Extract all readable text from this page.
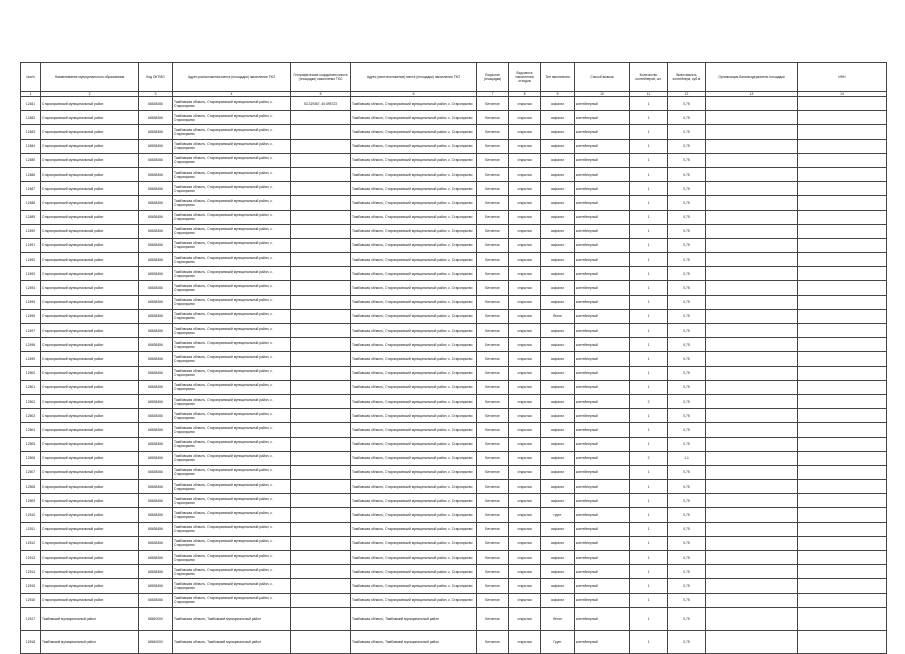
№п/п	Наименование муниципального образования	Код ОКТМО	Адрес расположения места (площадки) накопления ТКО	Географические координаты места (площадки) накопления ТКО	Адрес (местоположение) места (площадки) накопления ТКО	Покрытие (площадки)	Вид места накопления отходов	Тип накопления	Способ вывоза	Количество контейнеров, шт.	Вместимость контейнера, куб.м	Организация-балансодержатель площадки	ИНН
1	2	3	4	5	6	7	8	9	10	11	12	13	14
12481	Староюрьевский муниципальный район	68638456	Тамбовская область, Староюрьевский муниципальный район, с. Староюрьево	53.319367, 40.695723	Тамбовская область, Староюрьевский муниципальный район, с. Староюрьево	Бетонное	открытая	асфальт	контейнерный	1	0,75		
12482	Староюрьевский муниципальный район	68638456	Тамбовская область, Староюрьевский муниципальный район, с. Староюрьево		Тамбовская область, Староюрьевский муниципальный район, с. Староюрьево	Бетонное	открытая	асфальт	контейнерный	1	0,75		
12483	Староюрьевский муниципальный район	68638456	Тамбовская область, Староюрьевский муниципальный район, с. Староюрьево		Тамбовская область, Староюрьевский муниципальный район, с. Староюрьево	Бетонное	открытая	асфальт	контейнерный	1	0,75		
12484	Староюрьевский муниципальный район	68638456	Тамбовская область, Староюрьевский муниципальный район, с. Староюрьево		Тамбовская область, Староюрьевский муниципальный район, с. Староюрьево	Бетонное	открытая	асфальт	контейнерный	1	0,75		
12485	Староюрьевский муниципальный район	68638456	Тамбовская область, Староюрьевский муниципальный район, с. Староюрьево		Тамбовская область, Староюрьевский муниципальный район, с. Староюрьево	Бетонное	открытая	асфальт	контейнерный	1	0,75		
12486	Староюрьевский муниципальный район	68638456	Тамбовская область, Староюрьевский муниципальный район, с. Староюрьево		Тамбовская область, Староюрьевский муниципальный район, с. Староюрьево	Бетонное	открытая	асфальт	контейнерный	1	0,75		
12487	Староюрьевский муниципальный район	68638456	Тамбовская область, Староюрьевский муниципальный район, с. Староюрьево		Тамбовская область, Староюрьевский муниципальный район, с. Староюрьево	Бетонное	открытая	асфальт	контейнерный	1	0,75		
12488	Староюрьевский муниципальный район	68638456	Тамбовская область, Староюрьевский муниципальный район, с. Староюрьево		Тамбовская область, Староюрьевский муниципальный район, с. Староюрьево	Бетонное	открытая	асфальт	контейнерный	1	0,75		
12489	Староюрьевский муниципальный район	68638456	Тамбовская область, Староюрьевский муниципальный район, с. Староюрьево		Тамбовская область, Староюрьевский муниципальный район, с. Староюрьево	Бетонное	открытая	асфальт	контейнерный	1	0,75		
12490	Староюрьевский муниципальный район	68638456	Тамбовская область, Староюрьевский муниципальный район, с. Староюрьево		Тамбовская область, Староюрьевский муниципальный район, с. Староюрьево	Бетонное	открытая	асфальт	контейнерный	1	0,75		
12491	Староюрьевский муниципальный район	68638456	Тамбовская область, Староюрьевский муниципальный район, с. Староюрьево		Тамбовская область, Староюрьевский муниципальный район, с. Староюрьево	Бетонное	открытая	асфальт	контейнерный	1	0,75		
12492	Староюрьевский муниципальный район	68638456	Тамбовская область, Староюрьевский муниципальный район, с. Староюрьево		Тамбовская область, Староюрьевский муниципальный район, с. Староюрьево	Бетонное	открытая	асфальт	контейнерный	1	0,75		
12493	Староюрьевский муниципальный район	68638456	Тамбовская область, Староюрьевский муниципальный район, с. Староюрьево		Тамбовская область, Староюрьевский муниципальный район, с. Староюрьево	Бетонное	открытая	асфальт	контейнерный	1	0,75		
12494	Староюрьевский муниципальный район	68638456	Тамбовская область, Староюрьевский муниципальный район, с. Староюрьево		Тамбовская область, Староюрьевский муниципальный район, с. Староюрьево	Бетонное	открытая	асфальт	контейнерный	1	0,75		
12495	Староюрьевский муниципальный район	68638456	Тамбовская область, Староюрьевский муниципальный район, с. Староюрьево		Тамбовская область, Староюрьевский муниципальный район, с. Староюрьево	Бетонное	открытая	асфальт	контейнерный	1	0,75		
12496	Староюрьевский муниципальный район	68638456	Тамбовская область, Староюрьевский муниципальный район, с. Староюрьево		Тамбовская область, Староюрьевский муниципальный район, с. Староюрьево	Бетонное	открытая	бетон	контейнерный	1	0,75		
12497	Староюрьевский муниципальный район	68638456	Тамбовская область, Староюрьевский муниципальный район, с. Староюрьево		Тамбовская область, Староюрьевский муниципальный район, с. Староюрьево	Бетонное	открытая	асфальт	контейнерный	1	0,75		
12498	Староюрьевский муниципальный район	68638456	Тамбовская область, Староюрьевский муниципальный район, с. Староюрьево		Тамбовская область, Староюрьевский муниципальный район, с. Староюрьево	Бетонное	открытая	асфальт	контейнерный	1	0,75		
12499	Староюрьевский муниципальный район	68638456	Тамбовская область, Староюрьевский муниципальный район, с. Староюрьево		Тамбовская область, Староюрьевский муниципальный район, с. Староюрьево	Бетонное	открытая	асфальт	контейнерный	1	0,75		
12500	Староюрьевский муниципальный район	68638456	Тамбовская область, Староюрьевский муниципальный район, с. Староюрьево		Тамбовская область, Староюрьевский муниципальный район, с. Староюрьево	Бетонное	открытая	асфальт	контейнерный	1	0,75		
12501	Староюрьевский муниципальный район	68638456	Тамбовская область, Староюрьевский муниципальный район, с. Староюрьево		Тамбовская область, Староюрьевский муниципальный район, с. Староюрьево	Бетонное	открытая	асфальт	контейнерный	1	0,75		
12502	Староюрьевский муниципальный район	68638456	Тамбовская область, Староюрьевский муниципальный район, с. Староюрьево		Тамбовская область, Староюрьевский муниципальный район, с. Староюрьево	Бетонное	открытая	асфальт	контейнерный	2	0,75		
12503	Староюрьевский муниципальный район	68638456	Тамбовская область, Староюрьевский муниципальный район, с. Староюрьево		Тамбовская область, Староюрьевский муниципальный район, с. Староюрьево	Бетонное	открытая	асфальт	контейнерный	1	0,75		
12504	Староюрьевский муниципальный район	68638456	Тамбовская область, Староюрьевский муниципальный район, с. Староюрьево		Тамбовская область, Староюрьевский муниципальный район, с. Староюрьево	Бетонное	открытая	асфальт	контейнерный	1	0,75		
12505	Староюрьевский муниципальный район	68638456	Тамбовская область, Староюрьевский муниципальный район, с. Староюрьево		Тамбовская область, Староюрьевский муниципальный район, с. Староюрьево	Бетонное	открытая	асфальт	контейнерный	1	0,75		
12506	Староюрьевский муниципальный район	68638456	Тамбовская область, Староюрьевский муниципальный район, с. Староюрьево		Тамбовская область, Староюрьевский муниципальный район, с. Староюрьево	Бетонное	открытая	асфальт	контейнерный	2	1,1		
12507	Староюрьевский муниципальный район	68638456	Тамбовская область, Староюрьевский муниципальный район, с. Староюрьево		Тамбовская область, Староюрьевский муниципальный район, с. Староюрьево	Бетонное	открытая	асфальт	контейнерный	1	0,75		
12508	Староюрьевский муниципальный район	68638456	Тамбовская область, Староюрьевский муниципальный район, с. Староюрьево		Тамбовская область, Староюрьевский муниципальный район, с. Староюрьево	Бетонное	открытая	асфальт	контейнерный	1	0,75		
12509	Староюрьевский муниципальный район	68638456	Тамбовская область, Староюрьевский муниципальный район, с. Староюрьево		Тамбовская область, Староюрьевский муниципальный район, с. Староюрьево	Бетонное	открытая	асфальт	контейнерный	1	0,75		
12510	Староюрьевский муниципальный район	68638456	Тамбовская область, Староюрьевский муниципальный район, с. Староюрьево		Тамбовская область, Староюрьевский муниципальный район, с. Староюрьево	Бетонное	открытая	грунт	контейнерный	1	0,75		
12511	Староюрьевский муниципальный район	68638456	Тамбовская область, Староюрьевский муниципальный район, с. Староюрьево		Тамбовская область, Староюрьевский муниципальный район, с. Староюрьево	Бетонное	открытая	асфальт	контейнерный	1	0,75		
12512	Староюрьевский муниципальный район	68638456	Тамбовская область, Староюрьевский муниципальный район, с. Староюрьево		Тамбовская область, Староюрьевский муниципальный район, с. Староюрьево	Бетонное	открытая	асфальт	контейнерный	1	0,75		
12513	Староюрьевский муниципальный район	68638456	Тамбовская область, Староюрьевский муниципальный район, с. Староюрьево		Тамбовская область, Староюрьевский муниципальный район, с. Староюрьево	Бетонное	открытая	асфальт	контейнерный	1	0,75		
12514	Староюрьевский муниципальный район	68638456	Тамбовская область, Староюрьевский муниципальный район, с. Староюрьево		Тамбовская область, Староюрьевский муниципальный район, с. Староюрьево	Бетонное	открытая	асфальт	контейнерный	1	0,75		
12515	Староюрьевский муниципальный район	68638456	Тамбовская область, Староюрьевский муниципальный район, с. Староюрьево		Тамбовская область, Староюрьевский муниципальный район, с. Староюрьево	Бетонное	открытая	асфальт	контейнерный	1	0,75		
12516	Староюрьевский муниципальный район	68638456	Тамбовская область, Староюрьевский муниципальный район, с. Староюрьево		Тамбовская область, Староюрьевский муниципальный район, с. Староюрьево	Бетонное	открытая	асфальт	контейнерный	1	0,75		
12517	Тамбовский муниципальный район	68640000	Тамбовская область, Тамбовский муниципальный район		Тамбовская область, Тамбовский муниципальный район	Бетонное	открытая	бетон	контейнерный	1	0,75		
12518	Тамбовский муниципальный район	68640000	Тамбовская область, Тамбовский муниципальный район		Тамбовская область, Тамбовский муниципальный район	Бетонное	открытая	Грунт	контейнерный	1	0,75		
